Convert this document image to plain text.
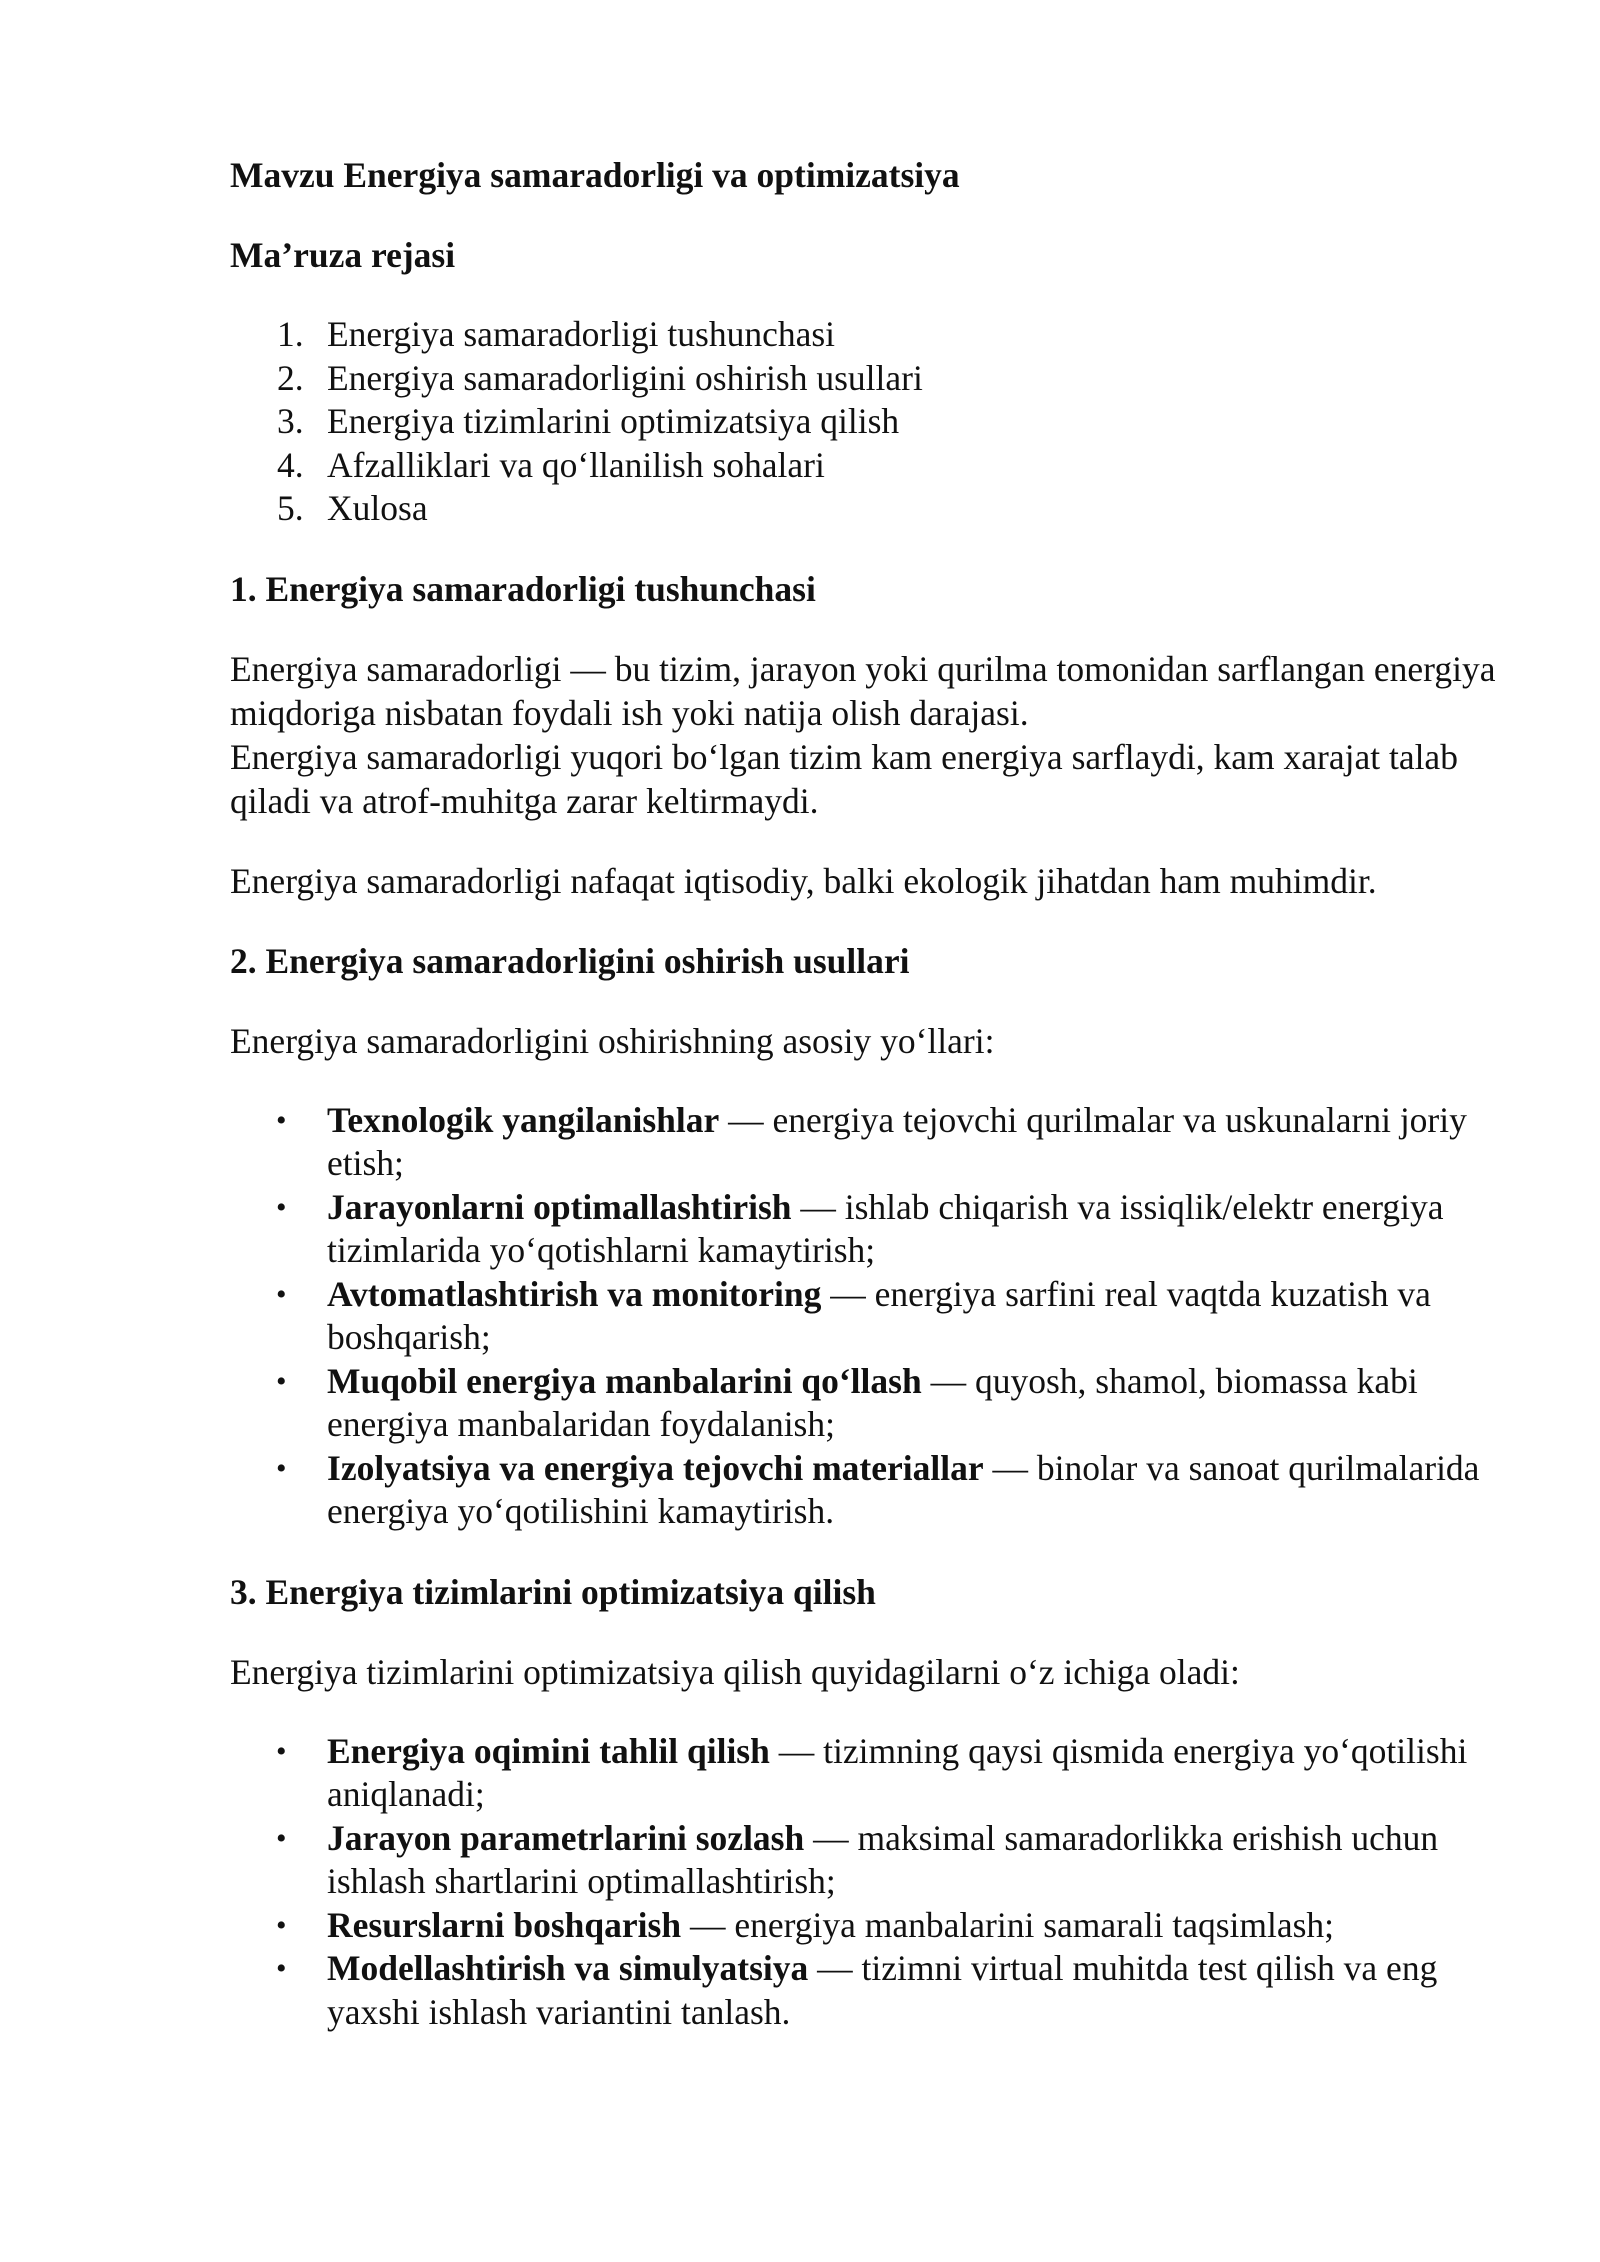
Mavzu Energiya samaradorligi va optimizatsiya

Ma’ruza rejasi

1. Energiya samaradorligi tushunchasi
2. Energiya samaradorligini oshirish usullari
3. Energiya tizimlarini optimizatsiya qilish
4. Afzalliklari va qo‘llanilish sohalari
5. Xulosa

1. Energiya samaradorligi tushunchasi

Energiya samaradorligi — bu tizim, jarayon yoki qurilma tomonidan sarflangan energiya miqdoriga nisbatan foydali ish yoki natija olish darajasi.

Energiya samaradorligi yuqori bo‘lgan tizim kam energiya sarflaydi, kam xarajat talab qiladi va atrof-muhitga zarar keltirmaydi.

Energiya samaradorligi nafaqat iqtisodiy, balki ekologik jihatdan ham muhimdir.

2. Energiya samaradorligini oshirish usullari

Energiya samaradorligini oshirishning asosiy yo‘llari:

• Texnologik yangilanishlar — energiya tejovchi qurilmalar va uskunalarni joriy etish;
• Jarayonlarni optimallashtirish — ishlab chiqarish va issiqlik/elektr energiya tizimlarida yo‘qotishlarni kamaytirish;
• Avtomatlashtirish va monitoring — energiya sarfini real vaqtda kuzatish va boshqarish;
• Muqobil energiya manbalarini qo‘llash — quyosh, shamol, biomassa kabi energiya manbalaridan foydalanish;
• Izolyatsiya va energiya tejovchi materiallar — binolar va sanoat qurilmalarida energiya yo‘qotilishini kamaytirish.

3. Energiya tizimlarini optimizatsiya qilish

Energiya tizimlarini optimizatsiya qilish quyidagilarni o‘z ichiga oladi:

• Energiya oqimini tahlil qilish — tizimning qaysi qismida energiya yo‘qotilishi aniqlanadi;
• Jarayon parametrlarini sozlash — maksimal samaradorlikka erishish uchun ishlash shartlarini optimallashtirish;
• Resurslarni boshqarish — energiya manbalarini samarali taqsimlash;
• Modellashtirish va simulyatsiya — tizimni virtual muhitda test qilish va eng yaxshi ishlash variantini tanlash.
